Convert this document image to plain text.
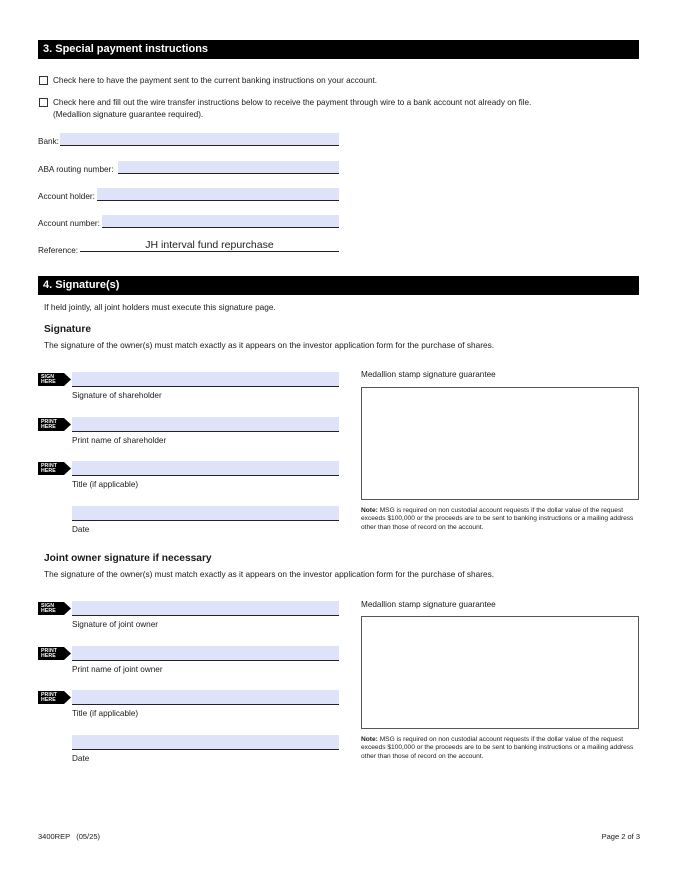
3. Special payment instructions
Check here to have the payment sent to the current banking instructions on your account.
Check here and fill out the wire transfer instructions below to receive the payment through wire to a bank account not already on file.
(Medallion signature guarantee required).
Bank:
ABA routing number:
Account holder:
Account number:
Reference:	JH interval fund repurchase
4. Signature(s)
If held jointly, all joint holders must execute this signature page.
Signature
The signature of the owner(s) must match exactly as it appears on the investor application form for the purchase of shares.
SIGN
HERE
Signature of shareholder
PRINT
HERE
Print name of shareholder
PRINT
HERE
Title (if applicable)
Date
Medallion stamp signature guarantee
Note: MSG is required on non custodial account requests if the dollar value of the request exceeds $100,000 or the proceeds are to be sent to banking instructions or a mailing address other than those of record on the account.
Joint owner signature if necessary
The signature of the owner(s) must match exactly as it appears on the investor application form for the purchase of shares.
SIGN
HERE
Signature of joint owner
PRINT
HERE
Print name of joint owner
PRINT
HERE
Title (if applicable)
Date
Medallion stamp signature guarantee
Note: MSG is required on non custodial account requests if the dollar value of the request exceeds $100,000 or the proceeds are to be sent to banking instructions or a mailing address other than those of record on the account.
3400REP   (05/25)	Page 2 of 3
